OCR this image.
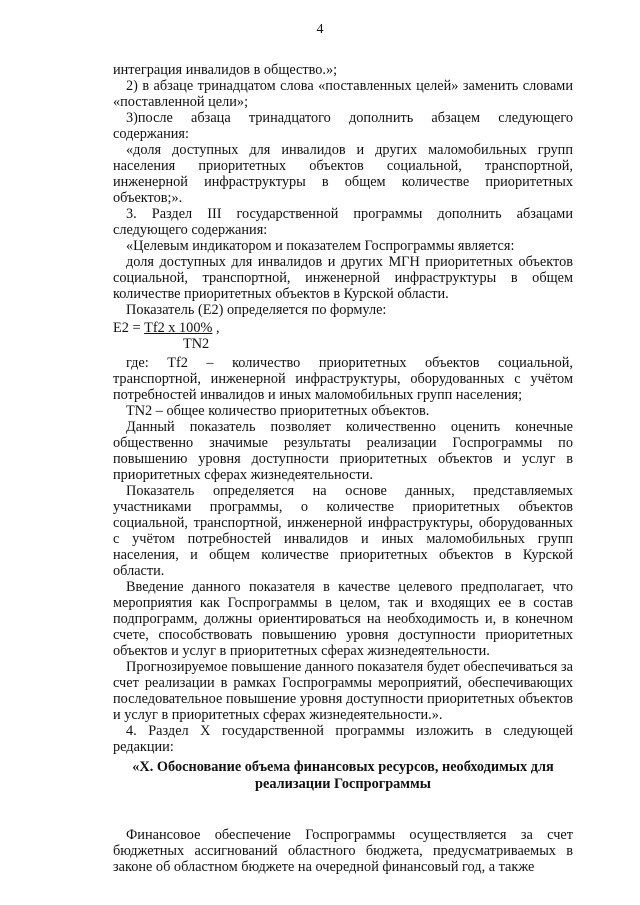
4

интеграция инвалидов в общество.»;

2) в абзаце тринадцатом слова «поставленных целей» заменить словами «поставленной цели»;

3)после абзаца тринадцатого дополнить абзацем следующего содержания:

«доля доступных для инвалидов и других маломобильных групп населения приоритетных объектов социальной, транспортной, инженерной инфраструктуры в общем количестве приоритетных объектов;».

3. Раздел III государственной программы дополнить абзацами следующего содержания:

«Целевым индикатором и показателем Госпрограммы является:

доля доступных для инвалидов и других МГН приоритетных объектов социальной, транспортной, инженерной инфраструктуры в общем количестве приоритетных объектов в Курской области.

Показатель (Е2) определяется по формуле:

Е2 = Tf2 x 100% ,

TN2

где: Tf2 – количество приоритетных объектов социальной, транспортной, инженерной инфраструктуры, оборудованных с учётом потребностей инвалидов и иных маломобильных групп населения;

TN2 – общее количество приоритетных объектов.

Данный показатель позволяет количественно оценить конечные общественно значимые результаты реализации Госпрограммы по повышению уровня доступности приоритетных объектов и услуг в приоритетных сферах жизнедеятельности.

Показатель определяется на основе данных, представляемых участниками программы, о количестве приоритетных объектов социальной, транспортной, инженерной инфраструктуры, оборудованных с учётом потребностей инвалидов и иных маломобильных групп населения, и общем количестве приоритетных объектов в Курской области.

Введение данного показателя в качестве целевого предполагает, что мероприятия как Госпрограммы в целом, так и входящих ее в состав подпрограмм, должны ориентироваться на необходимость и, в конечном счете, способствовать повышению уровня доступности приоритетных объектов и услуг в приоритетных сферах жизнедеятельности.

Прогнозируемое повышение данного показателя будет обеспечиваться за счет реализации в рамках Госпрограммы мероприятий, обеспечивающих последовательное повышение уровня доступности приоритетных объектов и услуг в приоритетных сферах жизнедеятельности.».

4. Раздел X государственной программы изложить в следующей редакции:

«X. Обоснование объема финансовых ресурсов, необходимых для реализации Госпрограммы

Финансовое обеспечение Госпрограммы осуществляется за счет бюджетных ассигнований областного бюджета, предусматриваемых в законе об областном бюджете на очередной финансовый год, а также
